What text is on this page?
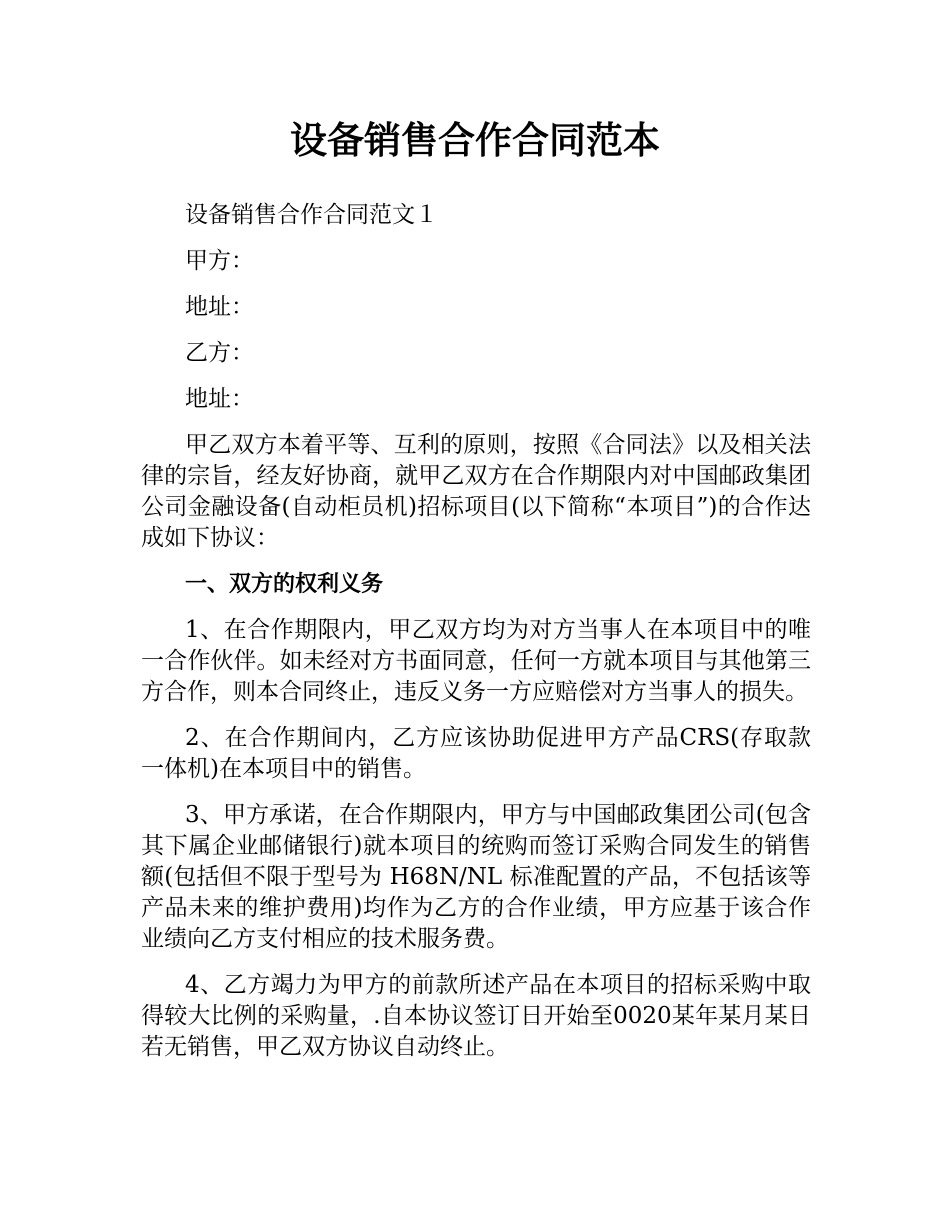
设备销售合作合同范本
设备销售合作合同范文１
甲方：
地址：
乙方：
地址：

甲乙双方本着平等、互利的原则，按照《合同法》以及相关法律的宗旨，经友好协商，就甲乙双方在合作期限内对中国邮政集团公司金融设备(自动柜员机)招标项目(以下简称“本项目”)的合作达成如下协议：

一、双方的权利义务

1、在合作期限内，甲乙双方均为对方当事人在本项目中的唯一合作伙伴。如未经对方书面同意，任何一方就本项目与其他第三方合作，则本合同终止，违反义务一方应赔偿对方当事人的损失。

2、在合作期间内，乙方应该协助促进甲方产品CRS(存取款一体机)在本项目中的销售。

3、甲方承诺，在合作期限内，甲方与中国邮政集团公司(包含其下属企业邮储银行)就本项目的统购而签订采购合同发生的销售额(包括但不限于型号为 H68N/NL 标准配置的产品，不包括该等产品未来的维护费用)均作为乙方的合作业绩，甲方应基于该合作业绩向乙方支付相应的技术服务费。

4、乙方竭力为甲方的前款所述产品在本项目的招标采购中取得较大比例的采购量，.自本协议签订日开始至0020某年某月某日若无销售，甲乙双方协议自动终止。
